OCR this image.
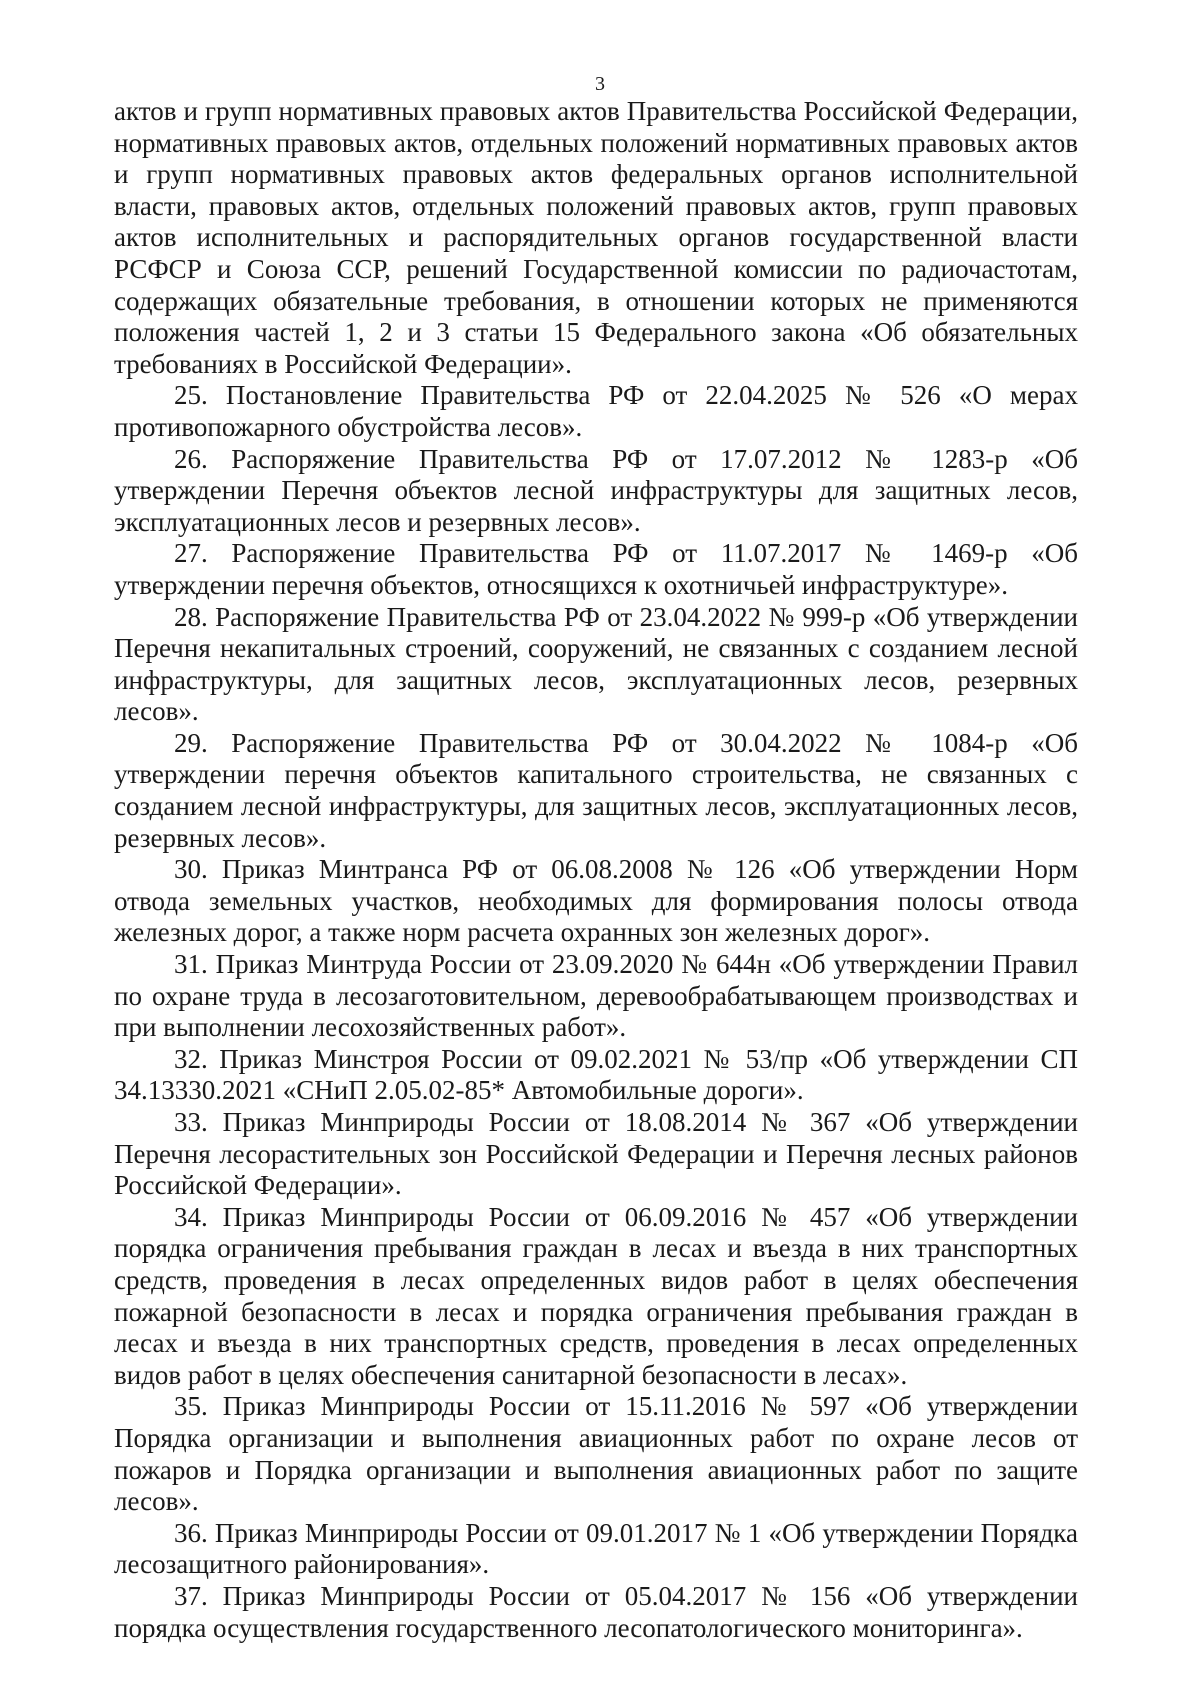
3

актов и групп нормативных правовых актов Правительства Российской Федерации, нормативных правовых актов, отдельных положений нормативных правовых актов и групп нормативных правовых актов федеральных органов исполнительной власти, правовых актов, отдельных положений правовых актов, групп правовых актов исполнительных и распорядительных органов государственной власти РСФСР и Союза ССР, решений Государственной комиссии по радиочастотам, содержащих обязательные требования, в отношении которых не применяются положения частей 1, 2 и 3 статьи 15 Федерального закона «Об обязательных требованиях в Российской Федерации».

25. Постановление Правительства РФ от 22.04.2025 № 526 «О мерах противопожарного обустройства лесов».

26. Распоряжение Правительства РФ от 17.07.2012 № 1283-р «Об утверждении Перечня объектов лесной инфраструктуры для защитных лесов, эксплуатационных лесов и резервных лесов».

27. Распоряжение Правительства РФ от 11.07.2017 № 1469-р «Об утверждении перечня объектов, относящихся к охотничьей инфраструктуре».

28. Распоряжение Правительства РФ от 23.04.2022 № 999-р «Об утверждении Перечня некапитальных строений, сооружений, не связанных с созданием лесной инфраструктуры, для защитных лесов, эксплуатационных лесов, резервных лесов».

29. Распоряжение Правительства РФ от 30.04.2022 № 1084-р «Об утверждении перечня объектов капитального строительства, не связанных с созданием лесной инфраструктуры, для защитных лесов, эксплуатационных лесов, резервных лесов».

30. Приказ Минтранса РФ от 06.08.2008 № 126 «Об утверждении Норм отвода земельных участков, необходимых для формирования полосы отвода железных дорог, а также норм расчета охранных зон железных дорог».

31. Приказ Минтруда России от 23.09.2020 № 644н «Об утверждении Правил по охране труда в лесозаготовительном, деревообрабатывающем производствах и при выполнении лесохозяйственных работ».

32. Приказ Минстроя России от 09.02.2021 № 53/пр «Об утверждении СП 34.13330.2021 «СНиП 2.05.02-85* Автомобильные дороги».

33. Приказ Минприроды России от 18.08.2014 № 367 «Об утверждении Перечня лесорастительных зон Российской Федерации и Перечня лесных районов Российской Федерации».

34. Приказ Минприроды России от 06.09.2016 № 457 «Об утверждении порядка ограничения пребывания граждан в лесах и въезда в них транспортных средств, проведения в лесах определенных видов работ в целях обеспечения пожарной безопасности в лесах и порядка ограничения пребывания граждан в лесах и въезда в них транспортных средств, проведения в лесах определенных видов работ в целях обеспечения санитарной безопасности в лесах».

35. Приказ Минприроды России от 15.11.2016 № 597 «Об утверждении Порядка организации и выполнения авиационных работ по охране лесов от пожаров и Порядка организации и выполнения авиационных работ по защите лесов».

36. Приказ Минприроды России от 09.01.2017 № 1 «Об утверждении Порядка лесозащитного районирования».

37. Приказ Минприроды России от 05.04.2017 № 156 «Об утверждении порядка осуществления государственного лесопатологического мониторинга».
